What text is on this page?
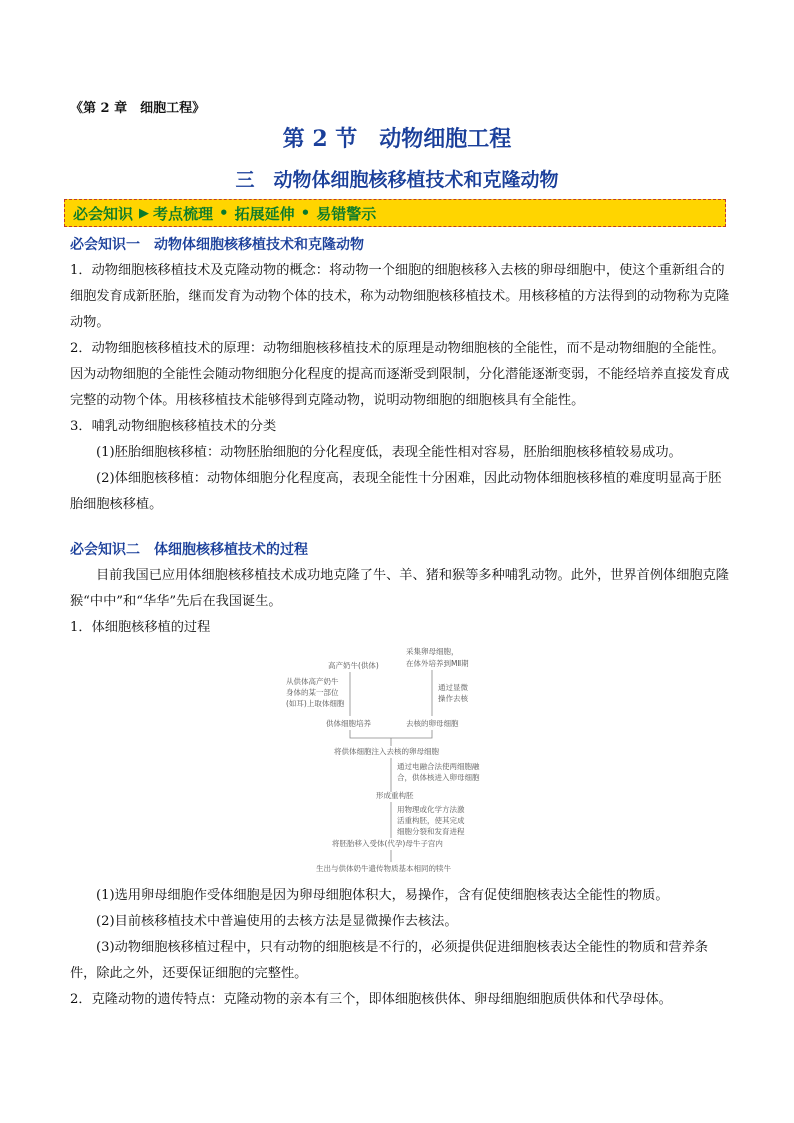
《第 2 章　细胞工程》
第 2 节　动物细胞工程
三　动物体细胞核移植技术和克隆动物
必会知识 ▶ 考点梳理 • 拓展延伸 • 易错警示

必会知识一　动物体细胞核移植技术和克隆动物

1．动物细胞核移植技术及克隆动物的概念：将动物一个细胞的细胞核移入去核的卵母细胞中，使这个重新组合的细胞发育成新胚胎，继而发育为动物个体的技术，称为动物细胞核移植技术。用核移植的方法得到的动物称为克隆动物。

2．动物细胞核移植技术的原理：动物细胞核移植技术的原理是动物细胞核的全能性，而不是动物细胞的全能性。因为动物细胞的全能性会随动物细胞分化程度的提高而逐渐受到限制，分化潜能逐渐变弱，不能经培养直接发育成完整的动物个体。用核移植技术能够得到克隆动物，说明动物细胞的细胞核具有全能性。

3．哺乳动物细胞核移植技术的分类

(1)胚胎细胞核移植：动物胚胎细胞的分化程度低，表现全能性相对容易，胚胎细胞核移植较易成功。

(2)体细胞核移植：动物体细胞分化程度高，表现全能性十分困难，因此动物体细胞核移植的难度明显高于胚胎细胞核移植。

必会知识二　体细胞核移植技术的过程

目前我国已应用体细胞核移植技术成功地克隆了牛、羊、猪和猴等多种哺乳动物。此外，世界首例体细胞克隆猴“中中”和“华华”先后在我国诞生。

1．体细胞核移植的过程

高产奶牛(供体)
采集卵母细胞，
在体外培养到MⅡ期
从供体高产奶牛
身体的某一部位
(如耳)上取体细胞
通过显微
操作去核
供体细胞培养	去核的卵母细胞
将供体细胞注入去核的卵母细胞
通过电融合法使两细胞融
合，供体核进入卵母细胞
形成重构胚
用物理或化学方法激
活重构胚，使其完成
细胞分裂和发育进程
将胚胎移入受体(代孕)母牛子宫内
生出与供体奶牛遗传物质基本相同的犊牛

(1)选用卵母细胞作受体细胞是因为卵母细胞体积大，易操作，含有促使细胞核表达全能性的物质。

(2)目前核移植技术中普遍使用的去核方法是显微操作去核法。

(3)动物细胞核移植过程中，只有动物的细胞核是不行的，必须提供促进细胞核表达全能性的物质和营养条件，除此之外，还要保证细胞的完整性。

2．克隆动物的遗传特点：克隆动物的亲本有三个，即体细胞核供体、卵母细胞细胞质供体和代孕母体。
